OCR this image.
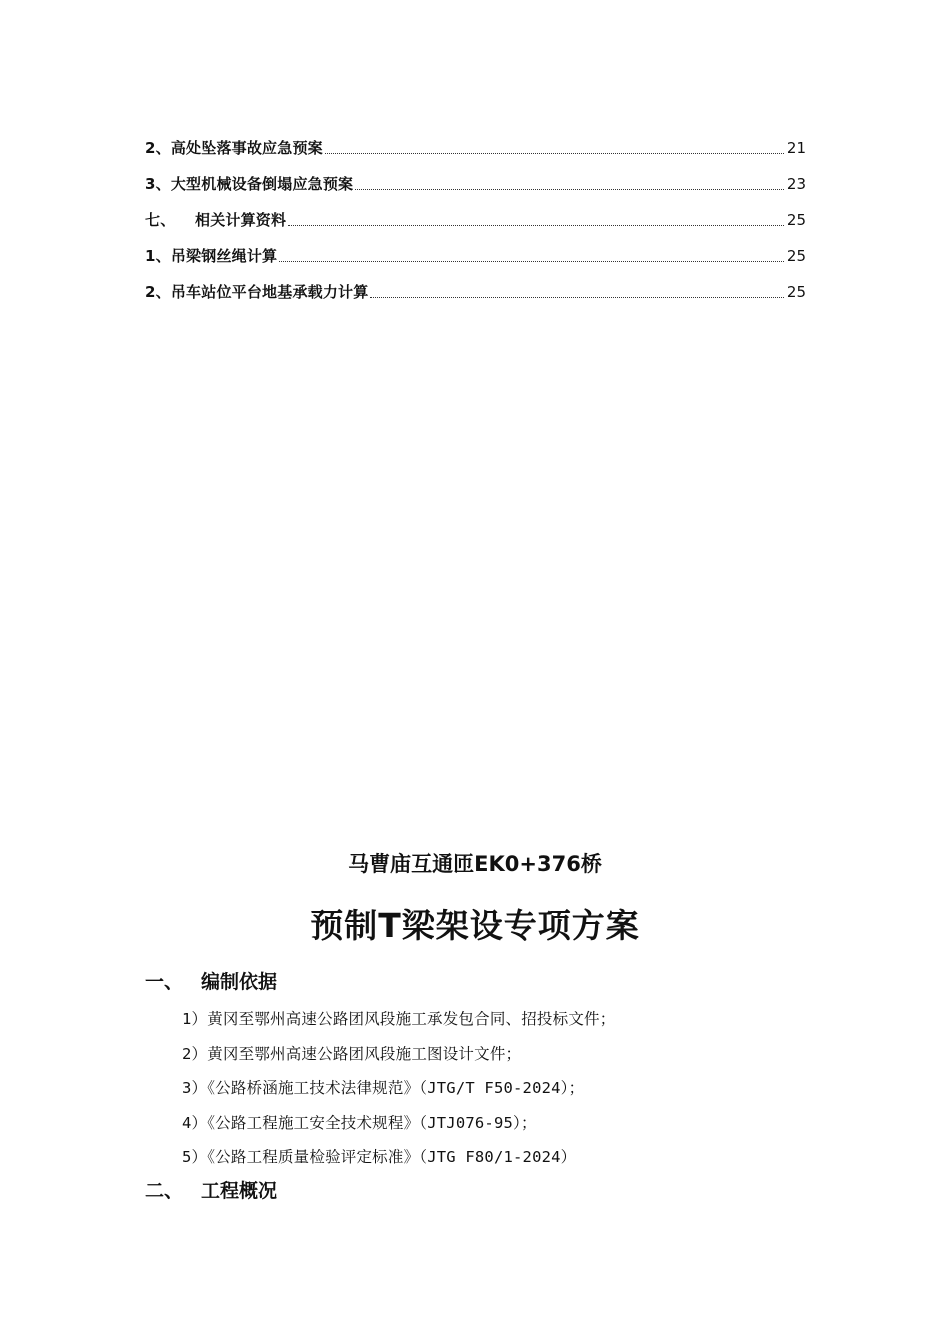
2、高处坠落事故应急预案	21
3、大型机械设备倒塌应急预案	23
七、 相关计算资料	25
1、吊梁钢丝绳计算	25
2、吊车站位平台地基承载力计算	25
马曹庙互通匝EK0+376桥
预制T梁架设专项方案
一、 编制依据
1）黄冈至鄂州高速公路团风段施工承发包合同、招投标文件；
2）黄冈至鄂州高速公路团风段施工图设计文件；
3）《公路桥涵施工技术法律规范》（JTG/T F50-2024）；
4）《公路工程施工安全技术规程》（JTJ076-95）；
5）《公路工程质量检验评定标准》（JTG F80/1-2024）
二、 工程概况
